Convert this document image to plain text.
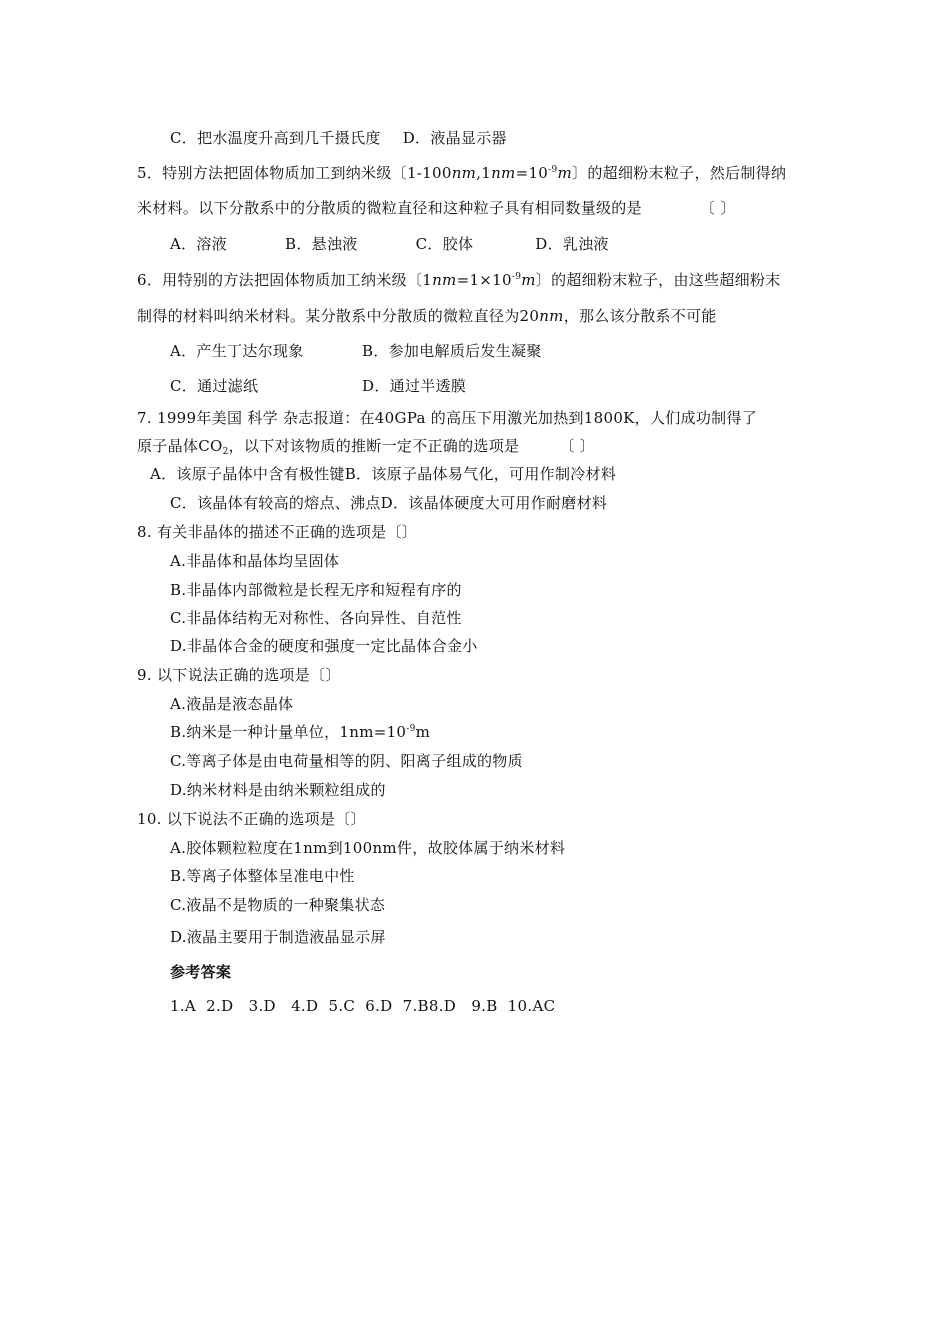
C．把水温度升高到几千摄氏度 D．液晶显示器
5．特别方法把固体物质加工到纳米级〔$1-100nm,1nm=10^{-9}m$〕的超细粉末粒子，然后制得纳
米材料。以下分散系中的分散质的微粒直径和这种粒子具有相同数量级的是	〔 〕
A．溶液	B．悬浊液	C．胶体	D．乳浊液
6．用特别的方法把固体物质加工纳米级〔$1nm=1\times 10^{-9}m$〕的超细粉末粒子，由这些超细粉末
制得的材料叫纳米材料。某分散系中分散质的微粒直径为20nm，那么该分散系不可能
A．产生丁达尔现象	B．参加电解质后发生凝聚
C．通过滤纸	D．通过半透膜
7. 1999年美国 科学 杂志报道：在40GPa 的高压下用激光加热到1800K，人们成功制得了
原子晶体$CO_2$，以下对该物质的推断一定不正确的选项是	〔 〕
A．该原子晶体中含有极性键B．该原子晶体易气化，可用作制冷材料
C．该晶体有较高的熔点、沸点D．该晶体硬度大可用作耐磨材料
8. 有关非晶体的描述不正确的选项是〔〕
A.非晶体和晶体均呈固体
B.非晶体内部微粒是长程无序和短程有序的
C.非晶体结构无对称性、各向异性、自范性
D.非晶体合金的硬度和强度一定比晶体合金小
9. 以下说法正确的选项是〔〕
A.液晶是液态晶体
B.纳米是一种计量单位，$1nm=10^{-9}m$
C.等离子体是由电荷量相等的阴、阳离子组成的物质
D.纳米材料是由纳米颗粒组成的
10. 以下说法不正确的选项是〔〕
A.胶体颗粒粒度在1nm到100nm件，故胶体属于纳米材料
B.等离子体整体呈准电中性
C.液晶不是物质的一种聚集状态
D.液晶主要用于制造液晶显示屏
参考答案
1.A  2.D   3.D   4.D  5.C  6.D  7.B8.D   9.B  10.AC
